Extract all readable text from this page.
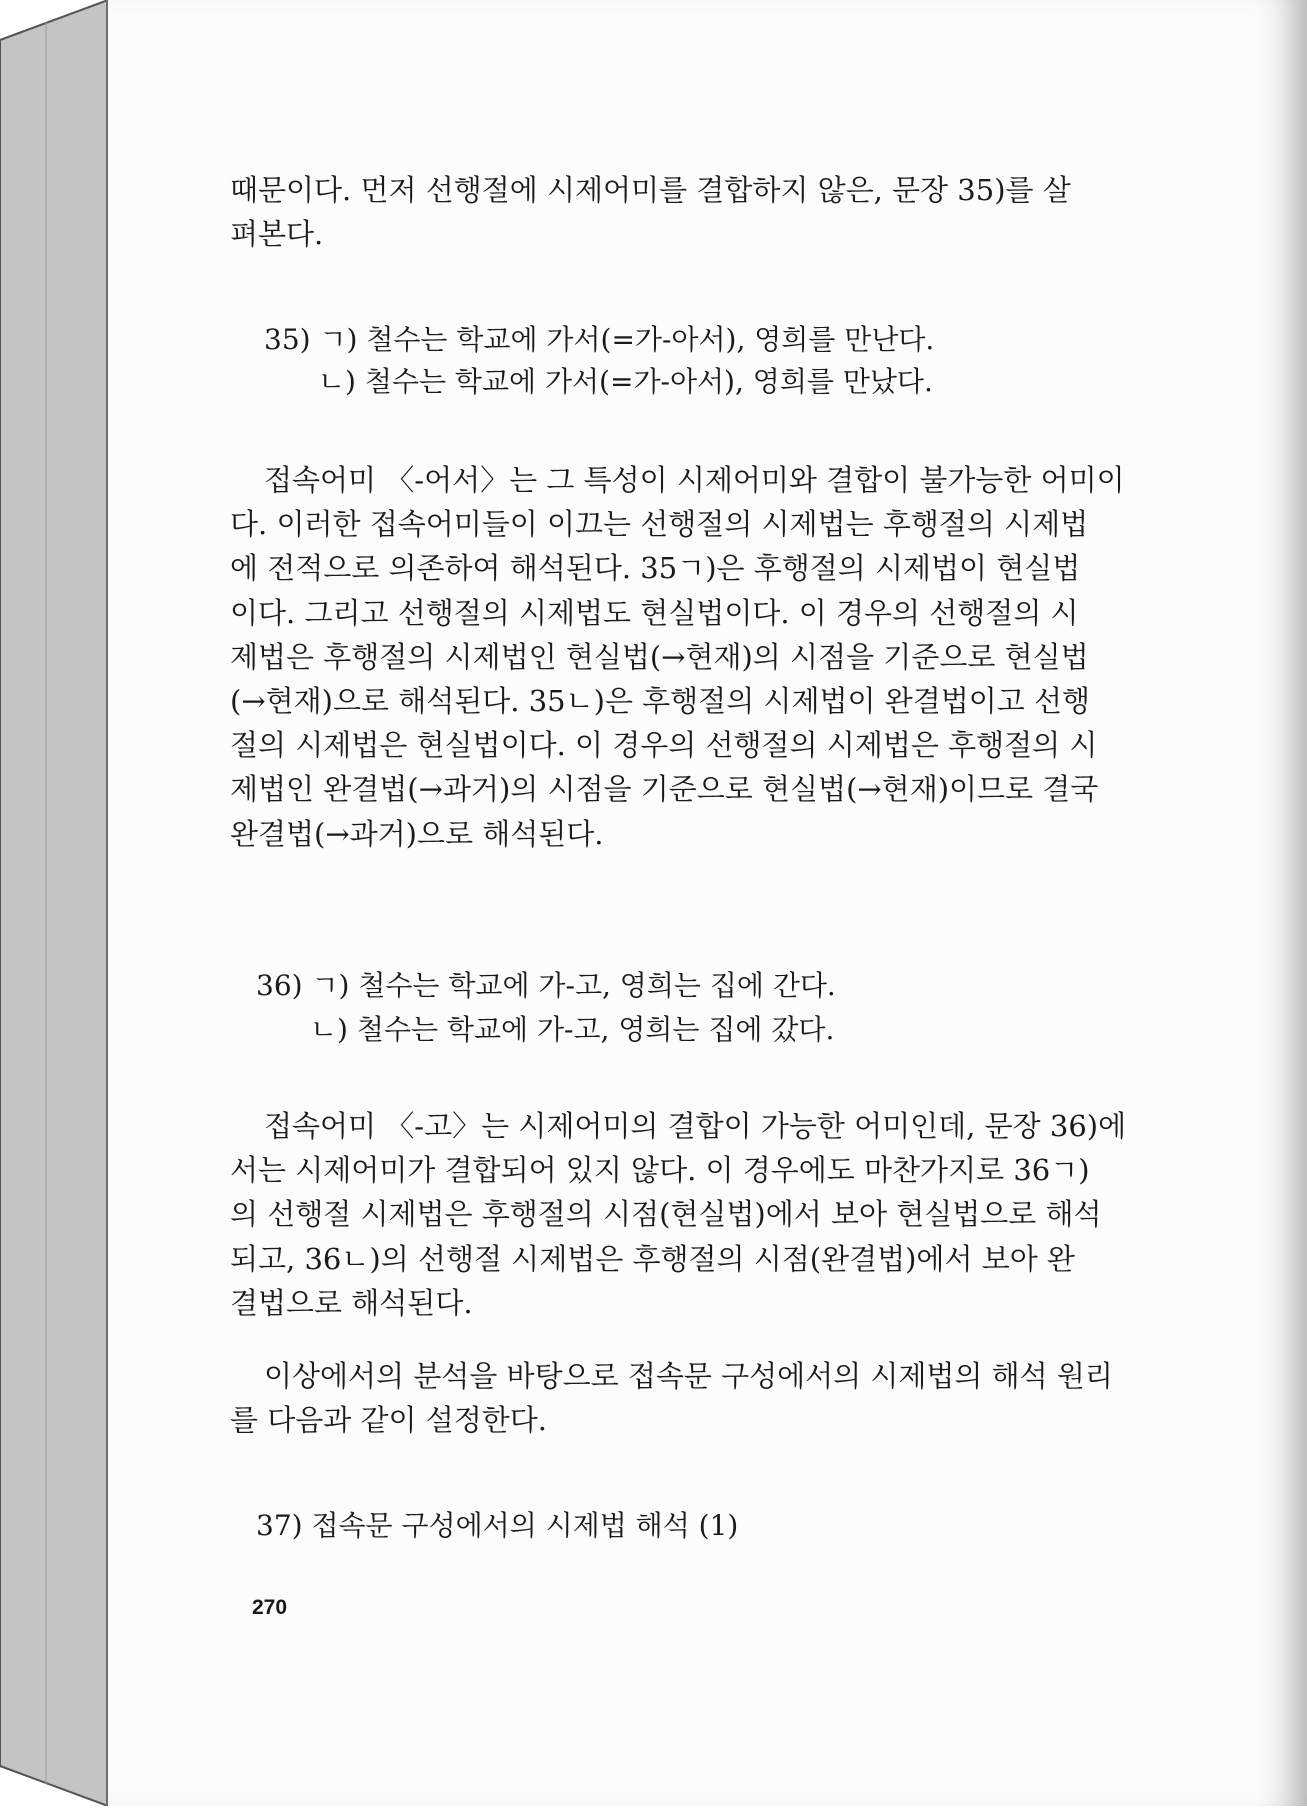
때문이다. 먼저 선행절에 시제어미를 결합하지 않은, 문장 35)를 살
펴본다.
35) ㄱ) 철수는 학교에 가서(=가-아서), 영희를 만난다.
ㄴ) 철수는 학교에 가서(=가-아서), 영희를 만났다.
접속어미 〈-어서〉는 그 특성이 시제어미와 결합이 불가능한 어미이
다. 이러한 접속어미들이 이끄는 선행절의 시제법는 후행절의 시제법
에 전적으로 의존하여 해석된다. 35ㄱ)은 후행절의 시제법이 현실법
이다. 그리고 선행절의 시제법도 현실법이다. 이 경우의 선행절의 시
제법은 후행절의 시제법인 현실법(→현재)의 시점을 기준으로 현실법
(→현재)으로 해석된다. 35ㄴ)은 후행절의 시제법이 완결법이고 선행
절의 시제법은 현실법이다. 이 경우의 선행절의 시제법은 후행절의 시
제법인 완결법(→과거)의 시점을 기준으로 현실법(→현재)이므로 결국
완결법(→과거)으로 해석된다.
36) ㄱ) 철수는 학교에 가-고, 영희는 집에 간다.
ㄴ) 철수는 학교에 가-고, 영희는 집에 갔다.
접속어미 〈-고〉는 시제어미의 결합이 가능한 어미인데, 문장 36)에
서는 시제어미가 결합되어 있지 않다. 이 경우에도 마찬가지로 36ㄱ)
의 선행절 시제법은 후행절의 시점(현실법)에서 보아 현실법으로 해석
되고, 36ㄴ)의 선행절 시제법은 후행절의 시점(완결법)에서 보아 완
결법으로 해석된다.
이상에서의 분석을 바탕으로 접속문 구성에서의 시제법의 해석 원리
를 다음과 같이 설정한다.
37) 접속문 구성에서의 시제법 해석 (1)
270
